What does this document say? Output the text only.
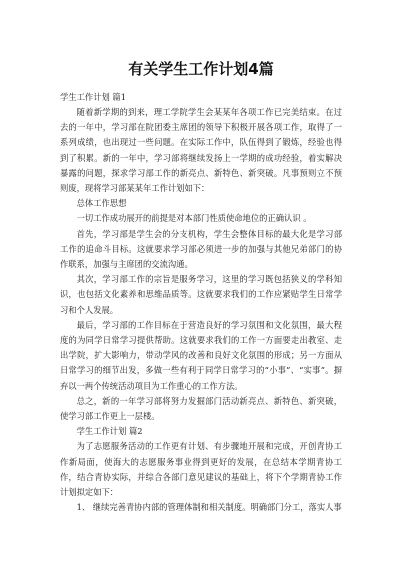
有关学生工作计划4篇
学生工作计划 篇1

随着新学期的到来，理工学院学生会某某年各项工作已完美结束。在过去的一年中，学习部在院团委主席团的领导下积极开展各项工作，取得了一系列成绩，也出现过一些问题。在实际工作中，队伍得到了锻炼，经验也得到了积累。新的一年中，学习部将继续发扬上一学期的成功经验，着实解决暴露的问题，探求学习部工作的新亮点、新特色、新突破。凡事预则立不预则废，现将学习部某某年工作计划如下：

总体工作思想

一切工作成功展开的前提是对本部门性质使命地位的正确认识 。

首先，学习部是学生会的分支机构，学生会整体目标的最大化是学习部工作的追命斗目标。这就要求学习部必须进一步的加强与其他兄弟部门的协作联系，加强与主席团的交流沟通。

其次，学习部工作的宗旨是服务学习，这里的学习既包括狭义的学科知识，也包括文化素养和思维品质等。这就要求我们的工作应紧贴学生日常学习和个人发展。

最后，学习部的工作目标在于营造良好的学习氛围和文化氛围，最大程度的为同学日常学习提供帮助。这就要求我们的工作一方面要走出教室、走出学院，扩大影响力，带动学风的改善和良好文化氛围的形成；另一方面从日常学习的细节出发，多做一些有利于同学日常学习的“小事”、“实事”。摒弃以一两个传统活动项目为工作重心的工作方法。

总之，新的一年学习部将努力发掘部门活动新亮点、新特色、新突破，使学习部工作更上一层楼。

学生工作计划 篇2

为了志愿服务活动的工作更有计划、有步骤地开展和完成，开创青协工作新局面，使海大的志愿服务事业得到更好的发展，在总结本学期青协工作，结合青协实际，并综合各部门意见建议的基础上，将下个学期青协工作计划拟定如下：

1、 继续完善青协内部的管理体制和相关制度。明确部门分工，落实人事
